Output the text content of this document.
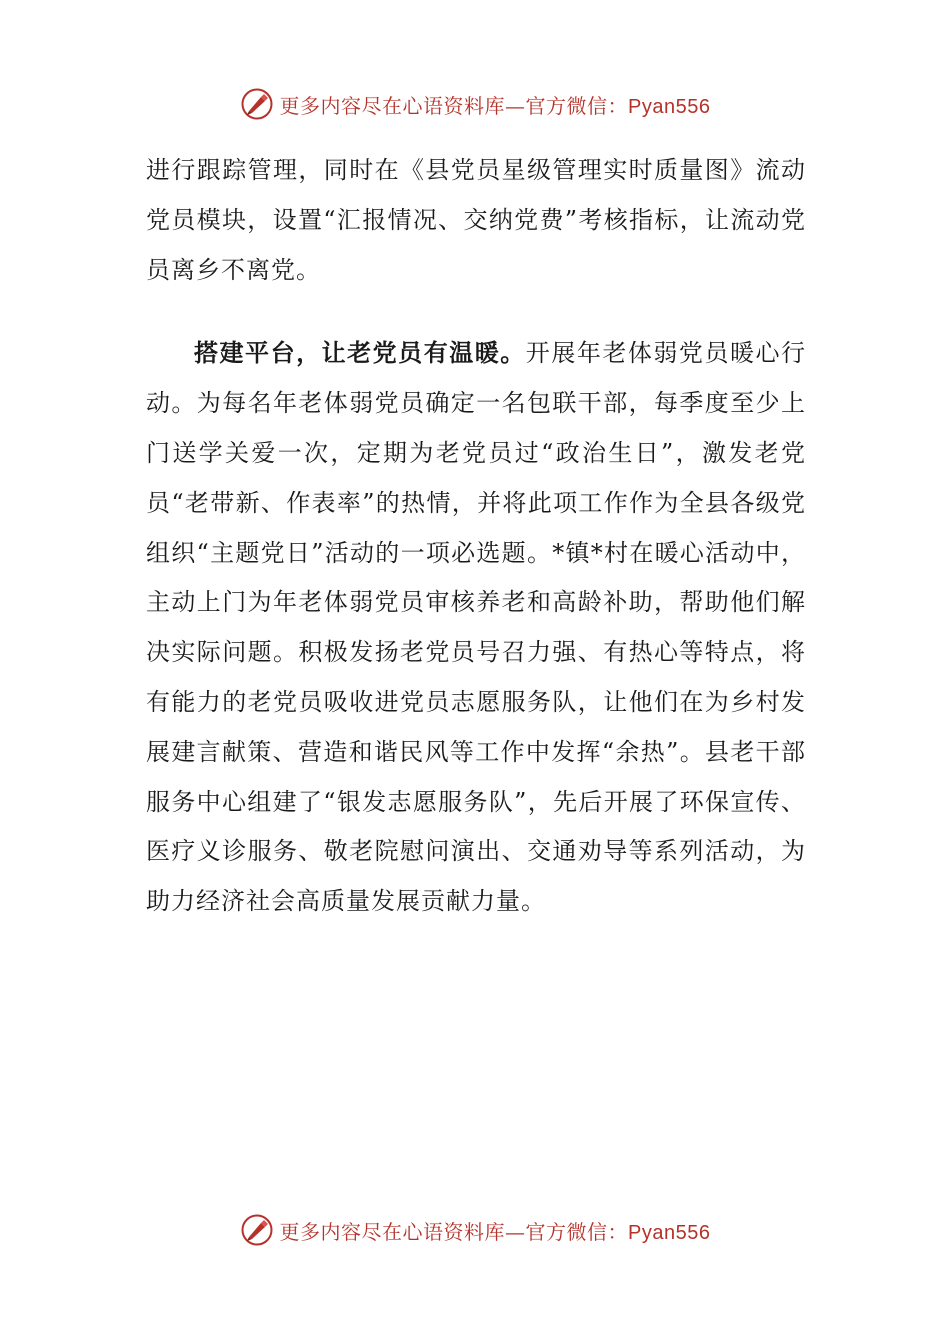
更多内容尽在心语资料库—官方微信：Pyan556

进行跟踪管理，同时在《县党员星级管理实时质量图》流动党员模块，设置“汇报情况、交纳党费”考核指标，让流动党员离乡不离党。

搭建平台，让老党员有温暖。开展年老体弱党员暖心行动。为每名年老体弱党员确定一名包联干部，每季度至少上门送学关爱一次，定期为老党员过“政治生日”，激发老党员“老带新、作表率”的热情，并将此项工作作为全县各级党组织“主题党日”活动的一项必选题。*镇*村在暖心活动中，主动上门为年老体弱党员审核养老和高龄补助，帮助他们解决实际问题。积极发扬老党员号召力强、有热心等特点，将有能力的老党员吸收进党员志愿服务队，让他们在为乡村发展建言献策、营造和谐民风等工作中发挥“余热”。县老干部服务中心组建了“银发志愿服务队”，先后开展了环保宣传、医疗义诊服务、敬老院慰问演出、交通劝导等系列活动，为助力经济社会高质量发展贡献力量。

更多内容尽在心语资料库—官方微信：Pyan556
